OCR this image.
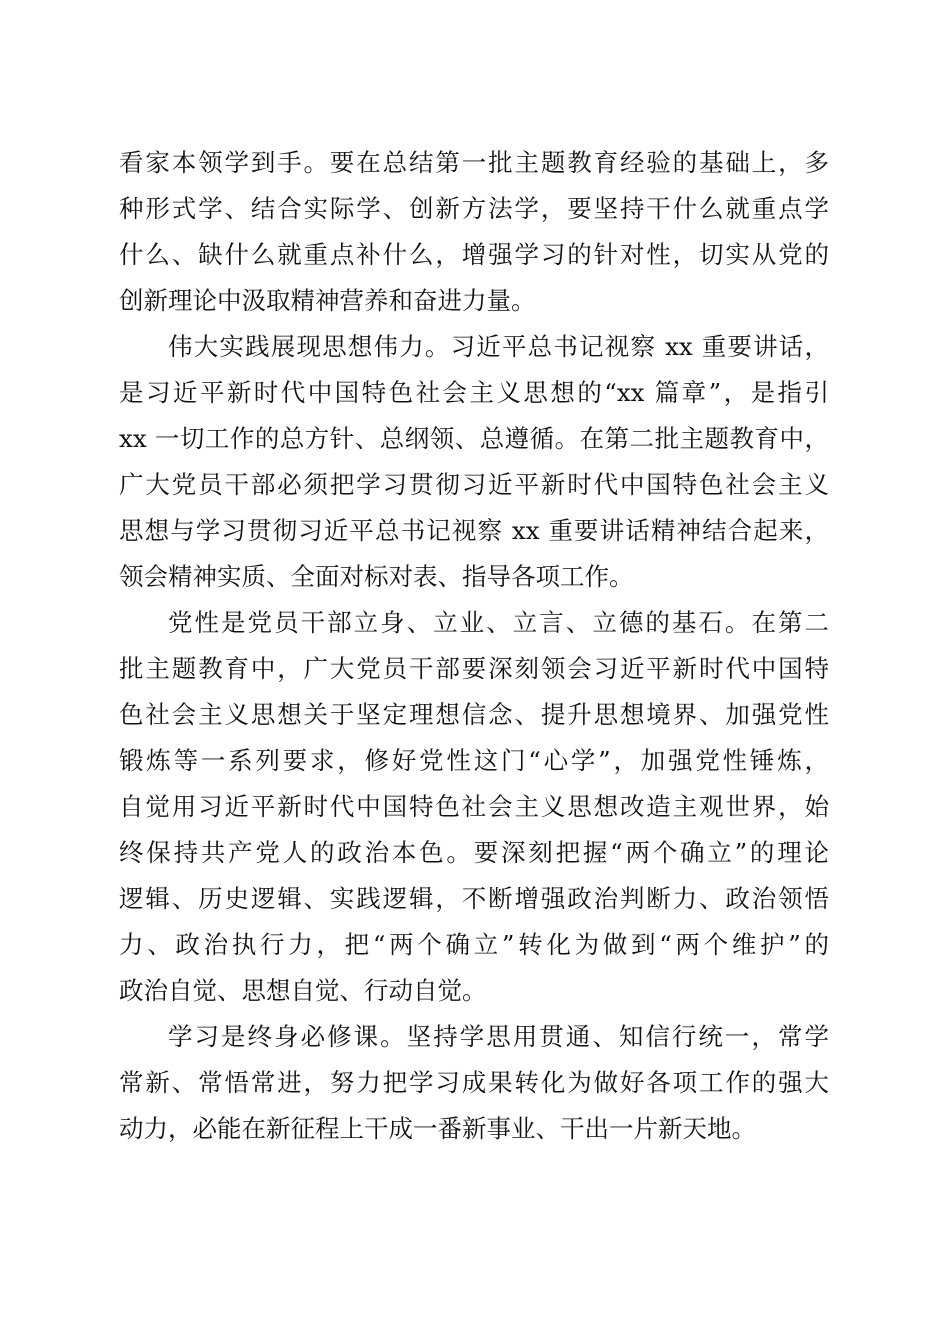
看家本领学到手。要在总结第一批主题教育经验的基础上，多
种形式学、结合实际学、创新方法学，要坚持干什么就重点学
什么、缺什么就重点补什么，增强学习的针对性，切实从党的
创新理论中汲取精神营养和奋进力量。
伟大实践展现思想伟力。习近平总书记视察 xx 重要讲话，
是习近平新时代中国特色社会主义思想的“xx 篇章”，是指引
xx 一切工作的总方针、总纲领、总遵循。在第二批主题教育中，
广大党员干部必须把学习贯彻习近平新时代中国特色社会主义
思想与学习贯彻习近平总书记视察 xx 重要讲话精神结合起来，
领会精神实质、全面对标对表、指导各项工作。
党性是党员干部立身、立业、立言、立德的基石。在第二
批主题教育中，广大党员干部要深刻领会习近平新时代中国特
色社会主义思想关于坚定理想信念、提升思想境界、加强党性
锻炼等一系列要求，修好党性这门“心学”，加强党性锤炼，
自觉用习近平新时代中国特色社会主义思想改造主观世界，始
终保持共产党人的政治本色。要深刻把握“两个确立”的理论
逻辑、历史逻辑、实践逻辑，不断增强政治判断力、政治领悟
力、政治执行力，把“两个确立”转化为做到“两个维护”的
政治自觉、思想自觉、行动自觉。
学习是终身必修课。坚持学思用贯通、知信行统一，常学
常新、常悟常进，努力把学习成果转化为做好各项工作的强大
动力，必能在新征程上干成一番新事业、干出一片新天地。
